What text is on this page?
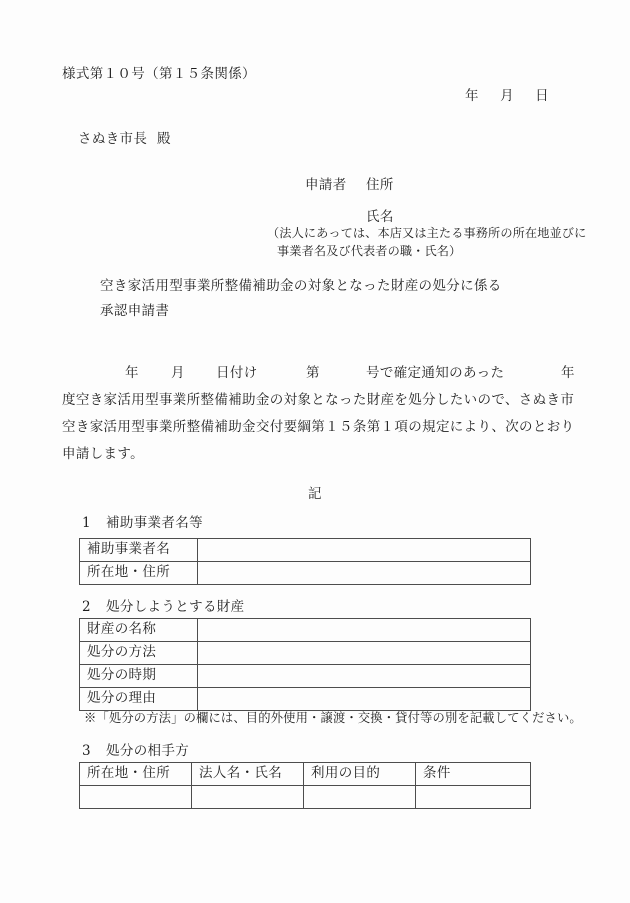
様式第１０号（第１５条関係）
年 月 日
さぬき市長 殿
申請者 住所
氏名
（法人にあっては、本店又は主たる事務所の所在地並びに
事業者名及び代表者の職・氏名）
空き家活用型事業所整備補助金の対象となった財産の処分に係る
承認申請書
年 月 日付け	第	号で確定通知のあった	年
度空き家活用型事業所整備補助金の対象となった財産を処分したいので、さぬき市
空き家活用型事業所整備補助金交付要綱第１５条第１項の規定により、次のとおり
申請します。
記
1 補助事業者名等
補助事業者名
所在地・住所
2 処分しようとする財産
財産の名称
処分の方法
処分の時期
処分の理由
※「処分の方法」の欄には、目的外使用・譲渡・交換・貸付等の別を記載してください。
3 処分の相手方
所在地・住所	法人名・氏名	利用の目的	条件
